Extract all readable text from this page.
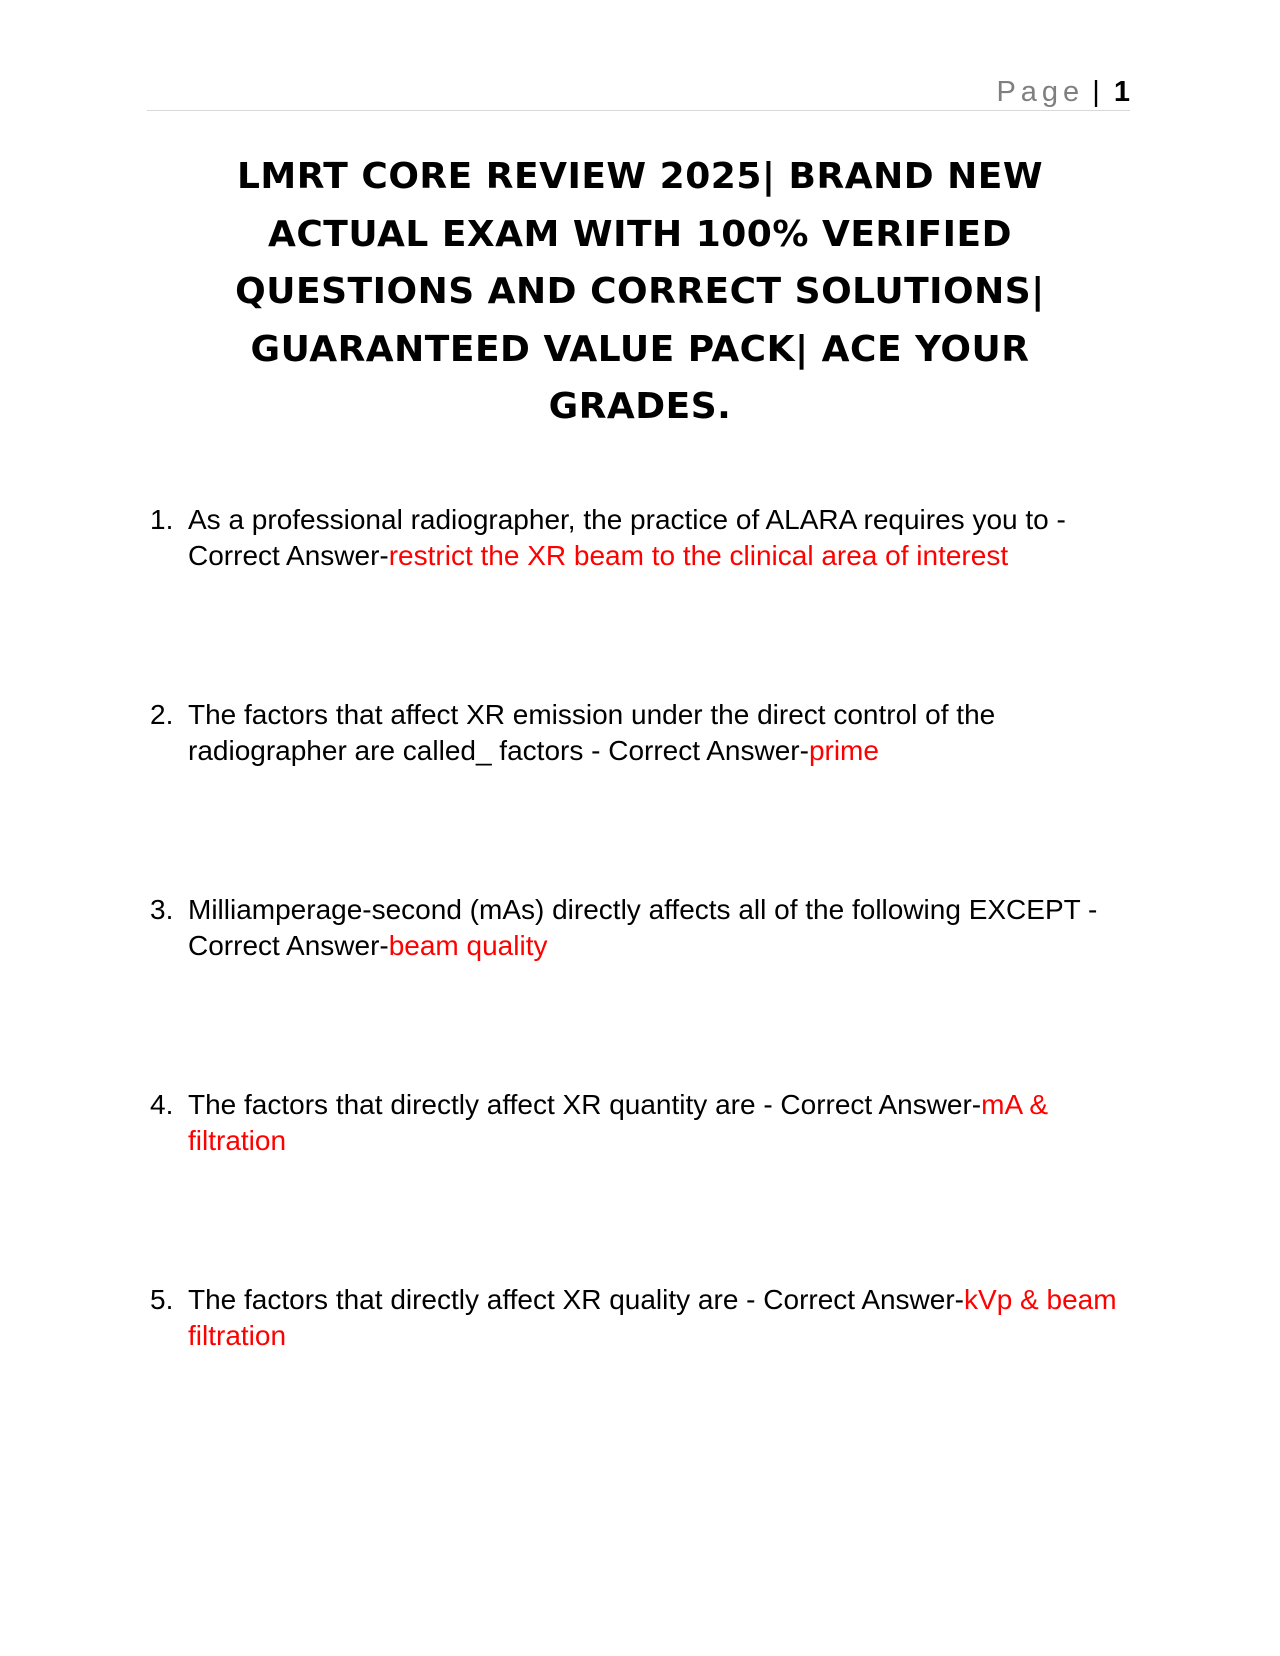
Page | 1
LMRT CORE REVIEW 2025| BRAND NEW ACTUAL EXAM WITH 100% VERIFIED QUESTIONS AND CORRECT SOLUTIONS| GUARANTEED VALUE PACK| ACE YOUR GRADES.
1. As a professional radiographer, the practice of ALARA requires you to - Correct Answer-restrict the XR beam to the clinical area of interest
2. The factors that affect XR emission under the direct control of the radiographer are called_ factors - Correct Answer-prime
3. Milliamperage-second (mAs) directly affects all of the following EXCEPT - Correct Answer-beam quality
4. The factors that directly affect XR quantity are - Correct Answer-mA & filtration
5. The factors that directly affect XR quality are - Correct Answer-kVp & beam filtration
